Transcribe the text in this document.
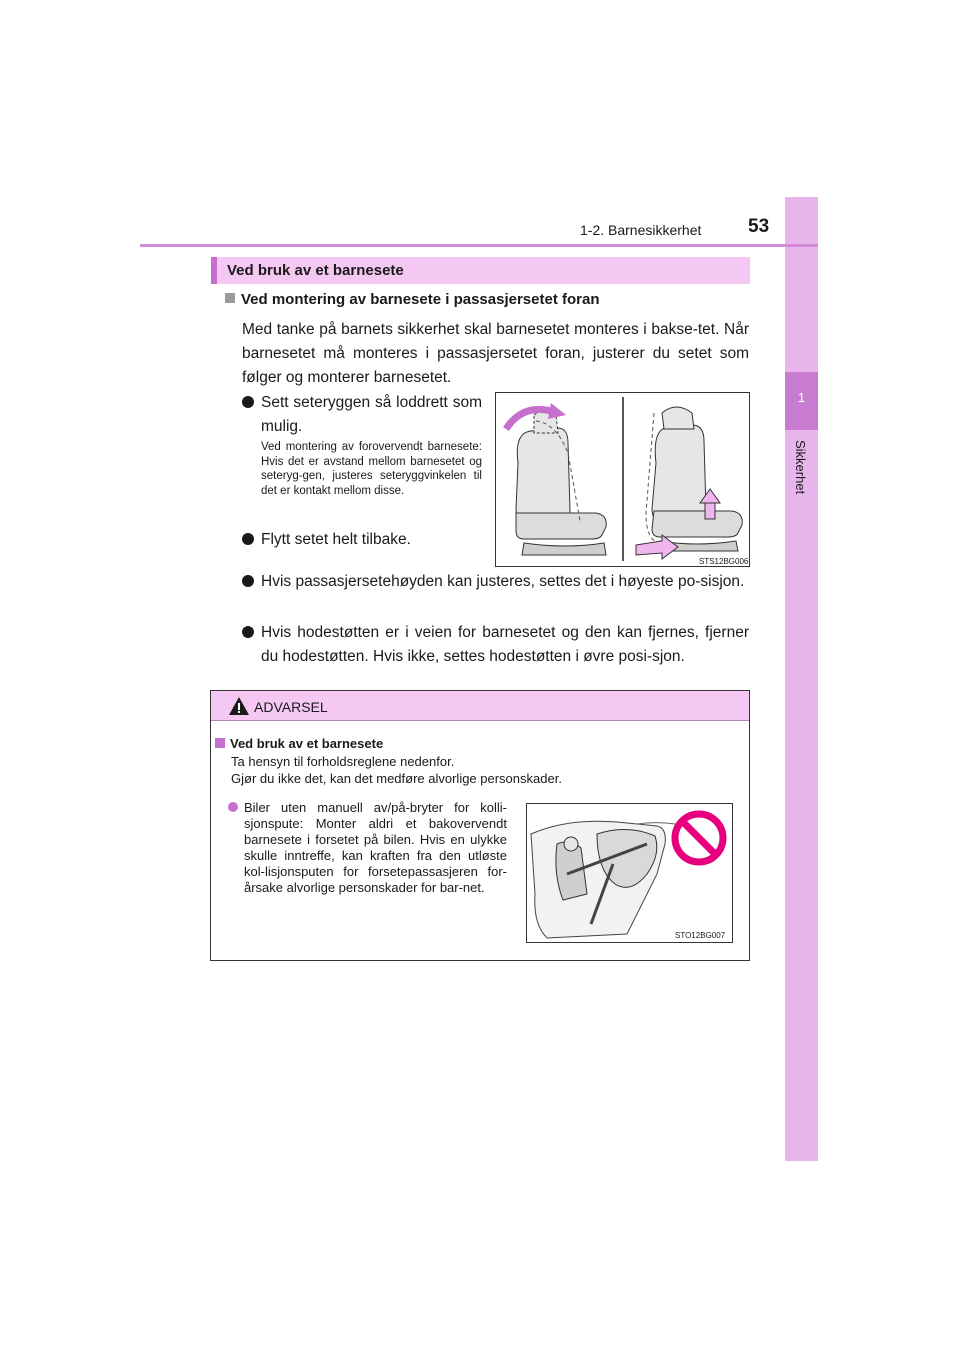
1
Sikkerhet
1-2. Barnesikkerhet 53
Ved bruk av et barnesete
Ved montering av barnesete i passasjersetet foran
Med tanke på barnets sikkerhet skal barnesetet monteres i bakse-tet. Når barnesetet må monteres i passasjersetet foran, justerer du setet som følger og monterer barnesetet.
Sett seteryggen så loddrett som mulig.
Ved montering av forovervendt barnesete: Hvis det er avstand mellom barnesetet og seteryg-gen, justeres seteryggvinkelen til det er kontakt mellom disse.
Flytt setet helt tilbake.
Hvis passasjersetehøyden kan justeres, settes det i høyeste po-sisjon.
Hvis hodestøtten er i veien for barnesetet og den kan fjernes, fjerner du hodestøtten. Hvis ikke, settes hodestøtten i øvre posi-sjon.
STS12BG006
ADVARSEL
Ved bruk av et barnesete
Ta hensyn til forholdsreglene nedenfor.
Gjør du ikke det, kan det medføre alvorlige personskader.
Biler uten manuell av/på-bryter for kolli-sjonspute: Monter aldri et bakovervendt barnesete i forsetet på bilen. Hvis en ulykke skulle inntreffe, kan kraften fra den utløste kol-lisjonsputen for forsetepassasjeren for-årsake alvorlige personskader for bar-net.
STO12BG007
